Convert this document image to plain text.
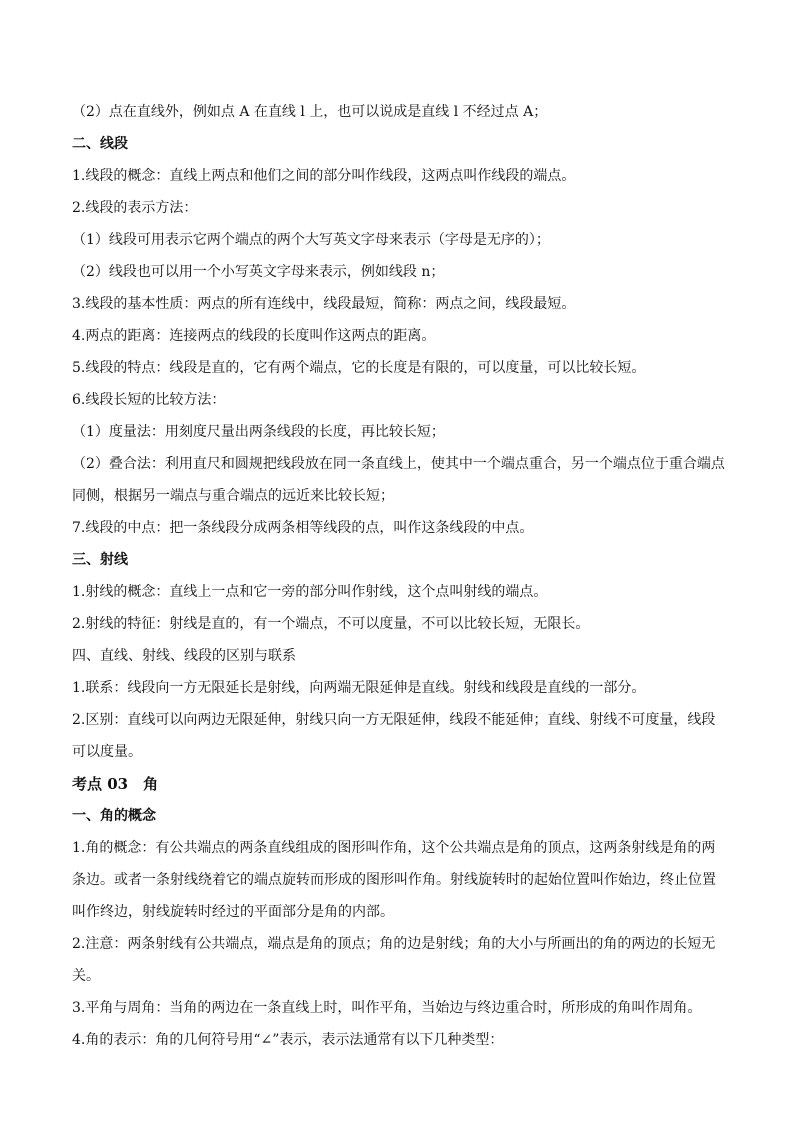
（2）点在直线外，例如点 A 在直线 l 上，也可以说成是直线 l 不经过点 A；
二、线段
1.线段的概念：直线上两点和他们之间的部分叫作线段，这两点叫作线段的端点。
2.线段的表示方法：
（1）线段可用表示它两个端点的两个大写英文字母来表示（字母是无序的）；
（2）线段也可以用一个小写英文字母来表示，例如线段 n；
3.线段的基本性质：两点的所有连线中，线段最短，简称：两点之间，线段最短。
4.两点的距离：连接两点的线段的长度叫作这两点的距离。
5.线段的特点：线段是直的，它有两个端点，它的长度是有限的，可以度量，可以比较长短。
6.线段长短的比较方法：
（1）度量法：用刻度尺量出两条线段的长度，再比较长短；
（2）叠合法：利用直尺和圆规把线段放在同一条直线上，使其中一个端点重合，另一个端点位于重合端点
同侧，根据另一端点与重合端点的远近来比较长短；
7.线段的中点：把一条线段分成两条相等线段的点，叫作这条线段的中点。
三、射线
1.射线的概念：直线上一点和它一旁的部分叫作射线，这个点叫射线的端点。
2.射线的特征：射线是直的，有一个端点，不可以度量，不可以比较长短，无限长。
四、直线、射线、线段的区别与联系
1.联系：线段向一方无限延长是射线，向两端无限延伸是直线。射线和线段是直线的一部分。
2.区别：直线可以向两边无限延伸，射线只向一方无限延伸，线段不能延伸；直线、射线不可度量，线段
可以度量。
考点 03　角
一、角的概念
1.角的概念：有公共端点的两条直线组成的图形叫作角，这个公共端点是角的顶点，这两条射线是角的两
条边。或者一条射线绕着它的端点旋转而形成的图形叫作角。射线旋转时的起始位置叫作始边，终止位置
叫作终边，射线旋转时经过的平面部分是角的内部。
2.注意：两条射线有公共端点，端点是角的顶点；角的边是射线；角的大小与所画出的角的两边的长短无
关。
3.平角与周角：当角的两边在一条直线上时，叫作平角，当始边与终边重合时，所形成的角叫作周角。
4.角的表示：角的几何符号用“∠”表示，表示法通常有以下几种类型：
